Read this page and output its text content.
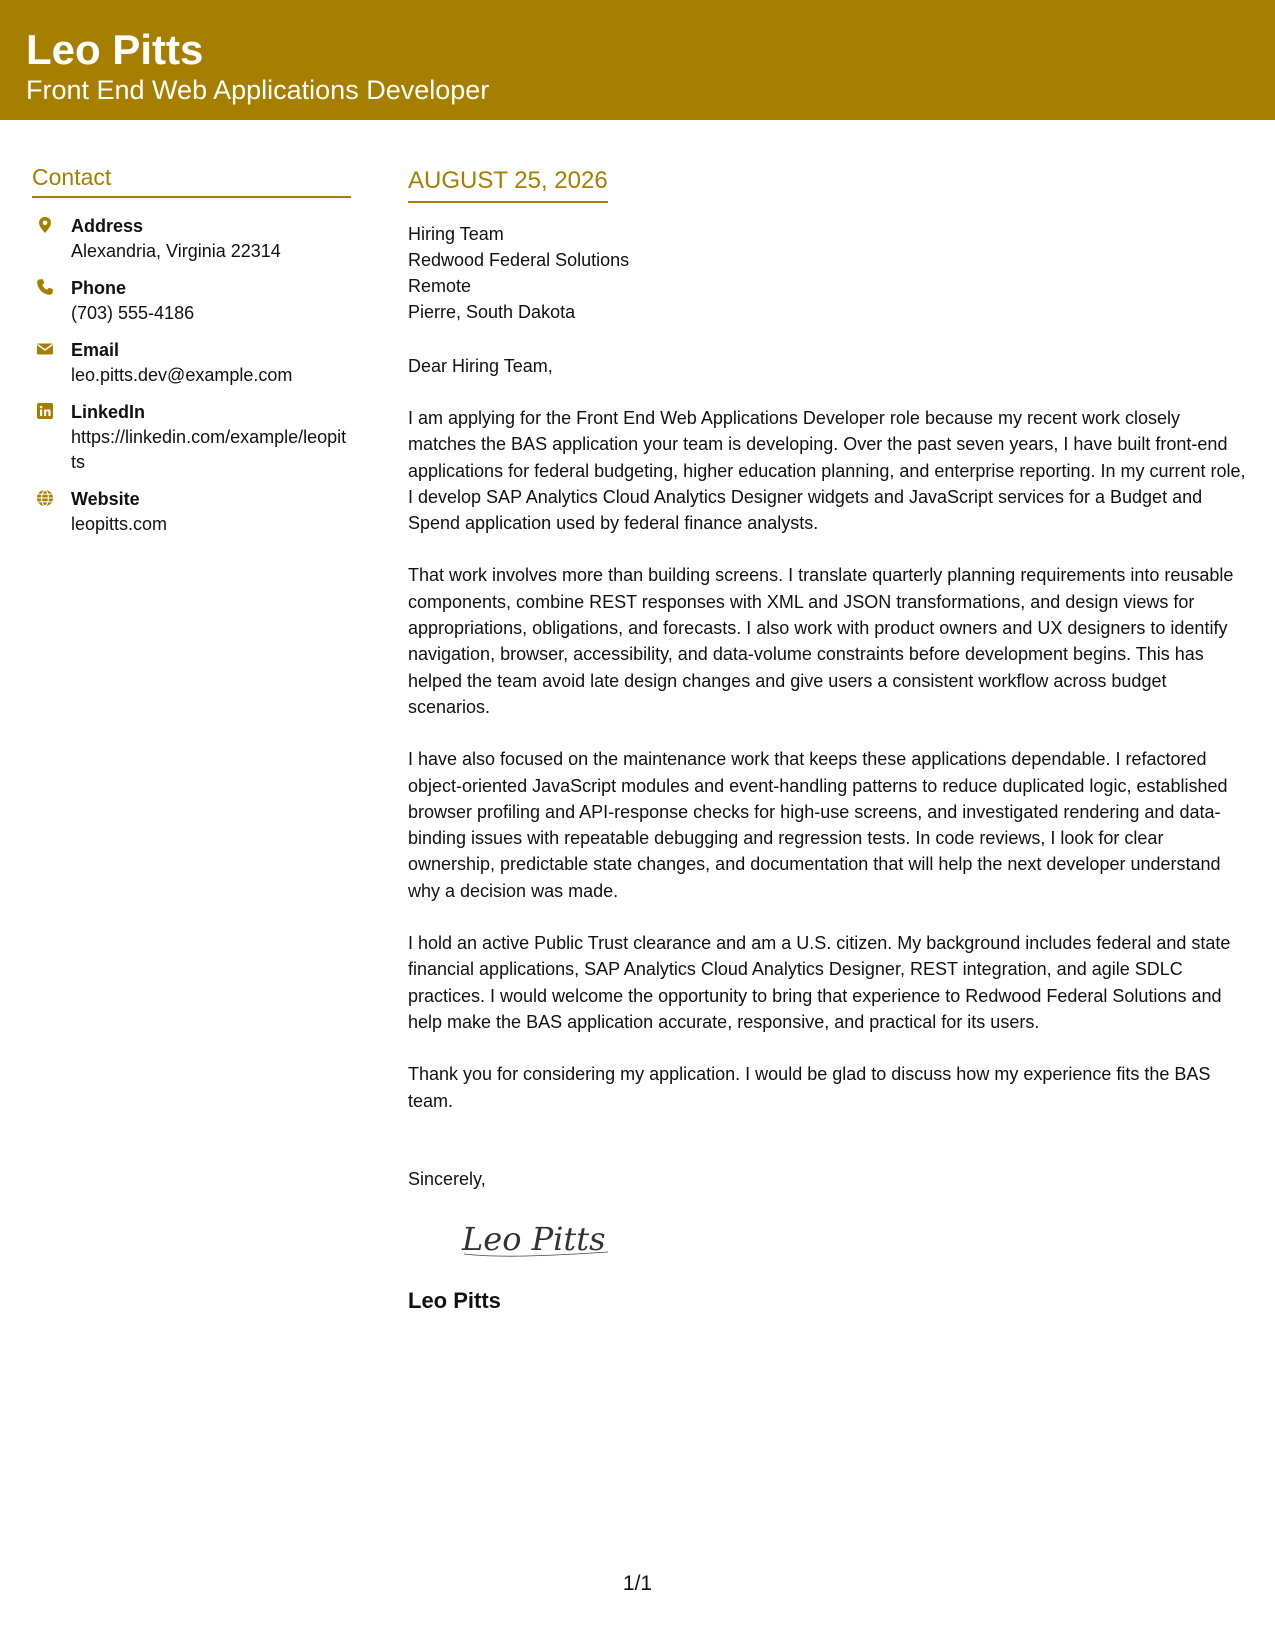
Leo Pitts
Front End Web Applications Developer
Contact
Address
Alexandria, Virginia 22314
Phone
(703) 555-4186
Email
leo.pitts.dev@example.com
LinkedIn
https://linkedin.com/example/leopitts
Website
leopitts.com
AUGUST 25, 2026
Hiring Team
Redwood Federal Solutions
Remote
Pierre, South Dakota
Dear Hiring Team,
I am applying for the Front End Web Applications Developer role because my recent work closely matches the BAS application your team is developing. Over the past seven years, I have built front-end applications for federal budgeting, higher education planning, and enterprise reporting. In my current role, I develop SAP Analytics Cloud Analytics Designer widgets and JavaScript services for a Budget and Spend application used by federal finance analysts.
That work involves more than building screens. I translate quarterly planning requirements into reusable components, combine REST responses with XML and JSON transformations, and design views for appropriations, obligations, and forecasts. I also work with product owners and UX designers to identify navigation, browser, accessibility, and data-volume constraints before development begins. This has helped the team avoid late design changes and give users a consistent workflow across budget scenarios.
I have also focused on the maintenance work that keeps these applications dependable. I refactored object-oriented JavaScript modules and event-handling patterns to reduce duplicated logic, established browser profiling and API-response checks for high-use screens, and investigated rendering and data-binding issues with repeatable debugging and regression tests. In code reviews, I look for clear ownership, predictable state changes, and documentation that will help the next developer understand why a decision was made.
I hold an active Public Trust clearance and am a U.S. citizen. My background includes federal and state financial applications, SAP Analytics Cloud Analytics Designer, REST integration, and agile SDLC practices. I would welcome the opportunity to bring that experience to Redwood Federal Solutions and help make the BAS application accurate, responsive, and practical for its users.
Thank you for considering my application. I would be glad to discuss how my experience fits the BAS team.
Sincerely,
Leo Pitts
Leo Pitts
1/1
